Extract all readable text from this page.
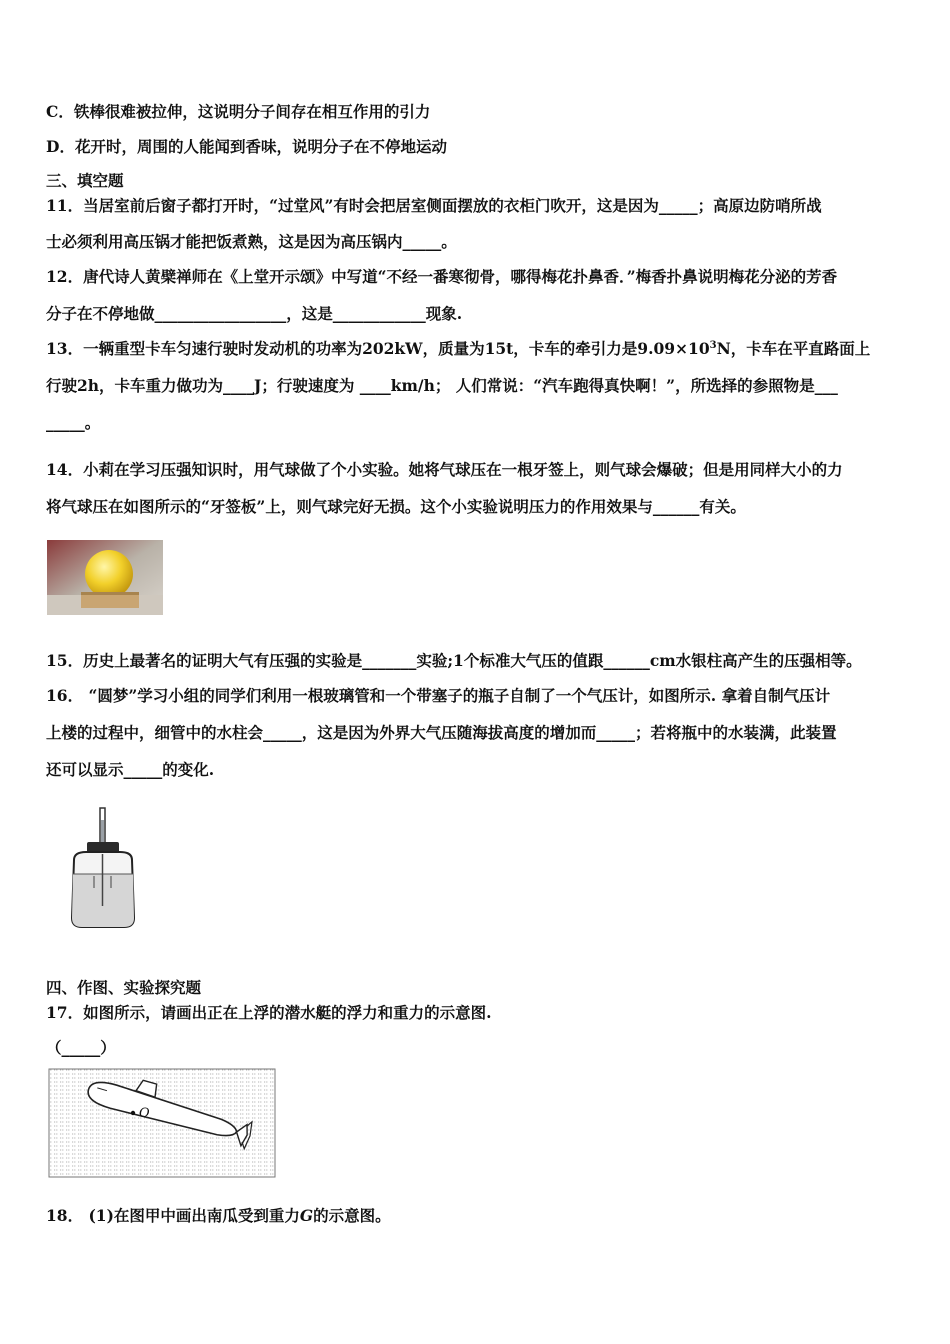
C．铁棒很难被拉伸，这说明分子间存在相互作用的引力
D．花开时，周围的人能闻到香味，说明分子在不停地运动
三、填空题
11．当居室前后窗子都打开时，“过堂风”有时会把居室侧面摆放的衣柜门吹开，这是因为_____；高原边防哨所战
士必须利用高压锅才能把饭煮熟，这是因为高压锅内_____。
12．唐代诗人黄檗禅师在《上堂开示颂》中写道“不经一番寒彻骨，哪得梅花扑鼻香．”梅香扑鼻说明梅花分泌的芳香
分子在不停地做_________________，这是____________现象.
13．一辆重型卡车匀速行驶时发动机的功率为202kW，质量为15t，卡车的牵引力是$9.09\times 10^3N$，卡车在平直路面上
行驶2h，卡车重力做功为____J；行驶速度为 ____km/h； 人们常说：“汽车跑得真快啊！”，所选择的参照物是___
_____。
14．小莉在学习压强知识时，用气球做了个小实验。她将气球压在一根牙签上，则气球会爆破；但是用同样大小的力
将气球压在如图所示的“牙签板”上，则气球完好无损。这个小实验说明压力的作用效果与______有关。
15．历史上最著名的证明大气有压强的实验是_______实验;1个标准大气压的值跟______cm水银柱高产生的压强相等。
16． “圆梦”学习小组的同学们利用一根玻璃管和一个带塞子的瓶子自制了一个气压计，如图所示. 拿着自制气压计
上楼的过程中，细管中的水柱会_____，这是因为外界大气压随海拔高度的增加而_____；若将瓶中的水装满，此装置
还可以显示_____的变化.
四、作图、实验探究题
17．如图所示，请画出正在上浮的潜水艇的浮力和重力的示意图.
（_____）
O
18． (1)在图甲中画出南瓜受到重力G的示意图。
